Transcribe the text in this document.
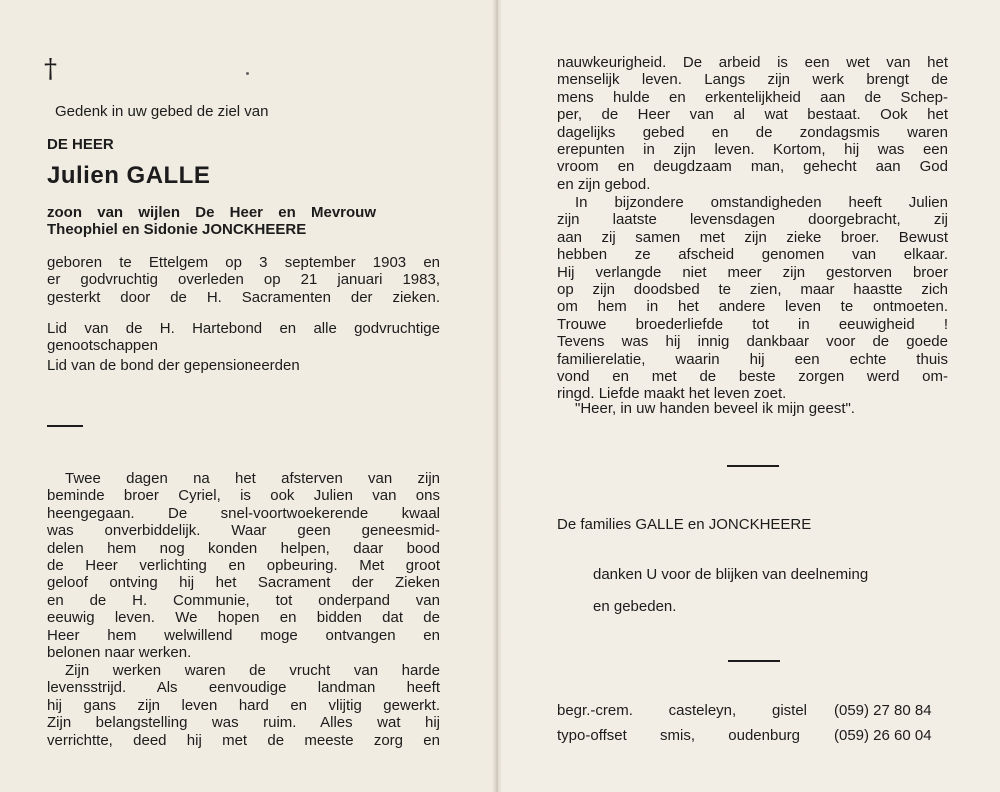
†
Gedenk in uw gebed de ziel van
DE HEER
Julien GALLE
zoon van wijlen De Heer en Mevrouw
Theophiel en Sidonie JONCKHEERE
geboren te Ettelgem op 3 september 1903 en
er godvruchtig overleden op 21 januari 1983,
gesterkt door de H. Sacramenten der zieken.
Lid van de H. Hartebond en alle godvruchtige
genootschappen
Lid van de bond der gepensioneerden
Twee dagen na het afsterven van zijn
beminde broer Cyriel, is ook Julien van ons
heengegaan. De snel-voortwoekerende kwaal
was onverbiddelijk. Waar geen geneesmid-
delen hem nog konden helpen, daar bood
de Heer verlichting en opbeuring. Met groot
geloof ontving hij het Sacrament der Zieken
en de H. Communie, tot onderpand van
eeuwig leven. We hopen en bidden dat de
Heer hem welwillend moge ontvangen en
belonen naar werken.
Zijn werken waren de vrucht van harde
levensstrijd. Als eenvoudige landman heeft
hij gans zijn leven hard en vlijtig gewerkt.
Zijn belangstelling was ruim. Alles wat hij
verrichtte, deed hij met de meeste zorg en
nauwkeurigheid. De arbeid is een wet van het
menselijk leven. Langs zijn werk brengt de
mens hulde en erkentelijkheid aan de Schep-
per, de Heer van al wat bestaat. Ook het
dagelijks gebed en de zondagsmis waren
erepunten in zijn leven. Kortom, hij was een
vroom en deugdzaam man, gehecht aan God
en zijn gebod.
In bijzondere omstandigheden heeft Julien
zijn laatste levensdagen doorgebracht, zij
aan zij samen met zijn zieke broer. Bewust
hebben ze afscheid genomen van elkaar.
Hij verlangde niet meer zijn gestorven broer
op zijn doodsbed te zien, maar haastte zich
om hem in het andere leven te ontmoeten.
Trouwe broederliefde tot in eeuwigheid !
Tevens was hij innig dankbaar voor de goede
familierelatie, waarin hij een echte thuis
vond en met de beste zorgen werd om-
ringd. Liefde maakt het leven zoet.
"Heer, in uw handen beveel ik mijn geest".
De families GALLE en JONCKHEERE
danken U voor de blijken van deelneming
en gebeden.
begr.-crem. casteleyn, gistel (059) 27 80 84
typo-offset smis, oudenburg (059) 26 60 04
